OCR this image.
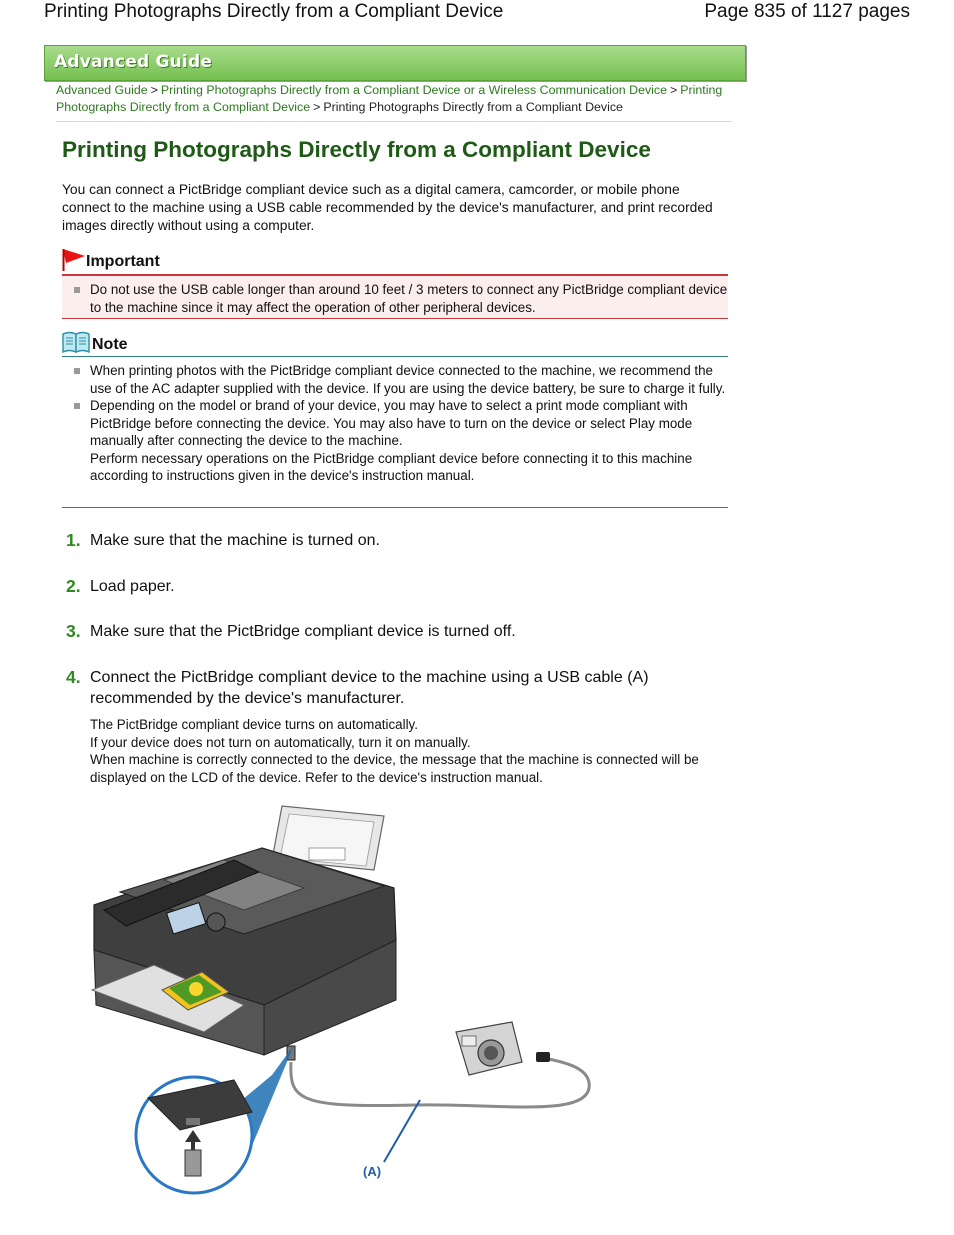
Printing Photographs Directly from a Compliant Device	Page 835 of 1127 pages
Advanced Guide
Advanced Guide > Printing Photographs Directly from a Compliant Device or a Wireless Communication Device > Printing Photographs Directly from a Compliant Device > Printing Photographs Directly from a Compliant Device
Printing Photographs Directly from a Compliant Device

You can connect a PictBridge compliant device such as a digital camera, camcorder, or mobile phone connect to the machine using a USB cable recommended by the device's manufacturer, and print recorded images directly without using a computer.

Important
Do not use the USB cable longer than around 10 feet / 3 meters to connect any PictBridge compliant device to the machine since it may affect the operation of other peripheral devices.
Note
When printing photos with the PictBridge compliant device connected to the machine, we recommend the use of the AC adapter supplied with the device. If you are using the device battery, be sure to charge it fully.
Depending on the model or brand of your device, you may have to select a print mode compliant with PictBridge before connecting the device. You may also have to turn on the device or select Play mode manually after connecting the device to the machine.
Perform necessary operations on the PictBridge compliant device before connecting it to this machine according to instructions given in the device's instruction manual.
1. Make sure that the machine is turned on.
2. Load paper.
3. Make sure that the PictBridge compliant device is turned off.
4. Connect the PictBridge compliant device to the machine using a USB cable (A) recommended by the device's manufacturer.
The PictBridge compliant device turns on automatically.
If your device does not turn on automatically, turn it on manually.
When machine is correctly connected to the device, the message that the machine is connected will be displayed on the LCD of the device. Refer to the device's instruction manual.
(A)
